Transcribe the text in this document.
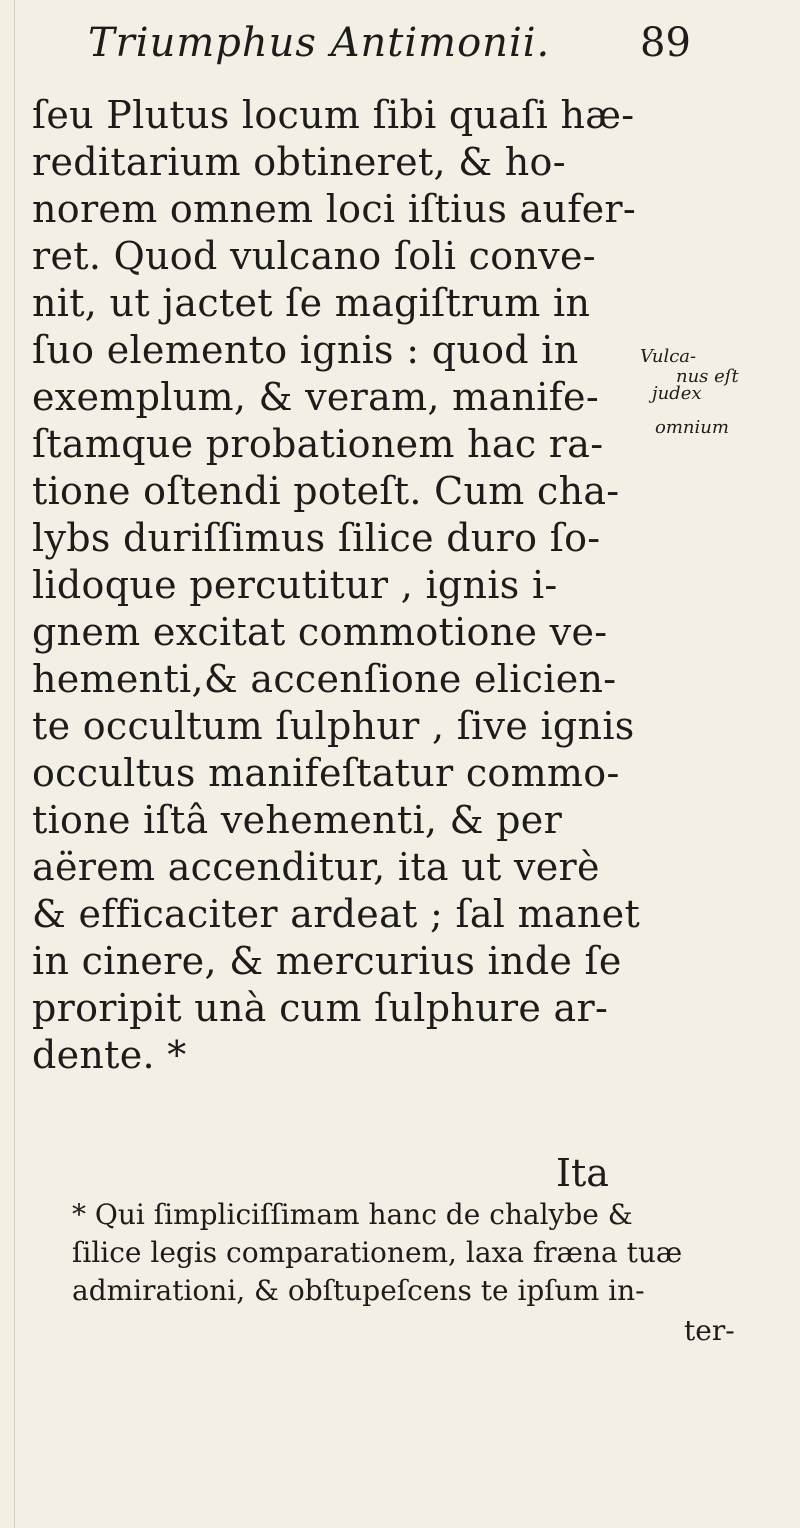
Triumphus Antimonii. 89
ſeu Plutus locum ſibi quaſi hæ-
reditarium obtineret, & ho-
norem omnem loci iſtius aufer-
ret. Quod vulcano ſoli conve-
nit, ut jactet ſe magiſtrum in
ſuo elemento ignis : quod in
exemplum, & veram, manife-
ſtamque probationem hac ra-
tione oſtendi poteſt. Cum cha-
lybs duriſſimus ſilice duro ſo-
lidoque percutitur , ignis i-
gnem excitat commotione ve-
hementi,& accenſione elicien-
te occultum ſulphur , ſive ignis
occultus manifeſtatur commo-
tione iſtâ vehementi, & per
aërem accenditur, ita ut verè
& efficaciter ardeat ; ſal manet
in cinere, & mercurius inde ſe
proripit unà cum ſulphure ar-
dente. *
Vulca-
nus eſt
judex
omnium
Ita
* Qui ſimpliciſſimam hanc de chalybe &
ſilice legis comparationem, laxa fræna tuæ
admirationi, & obſtupeſcens te ipſum in-
ter-
